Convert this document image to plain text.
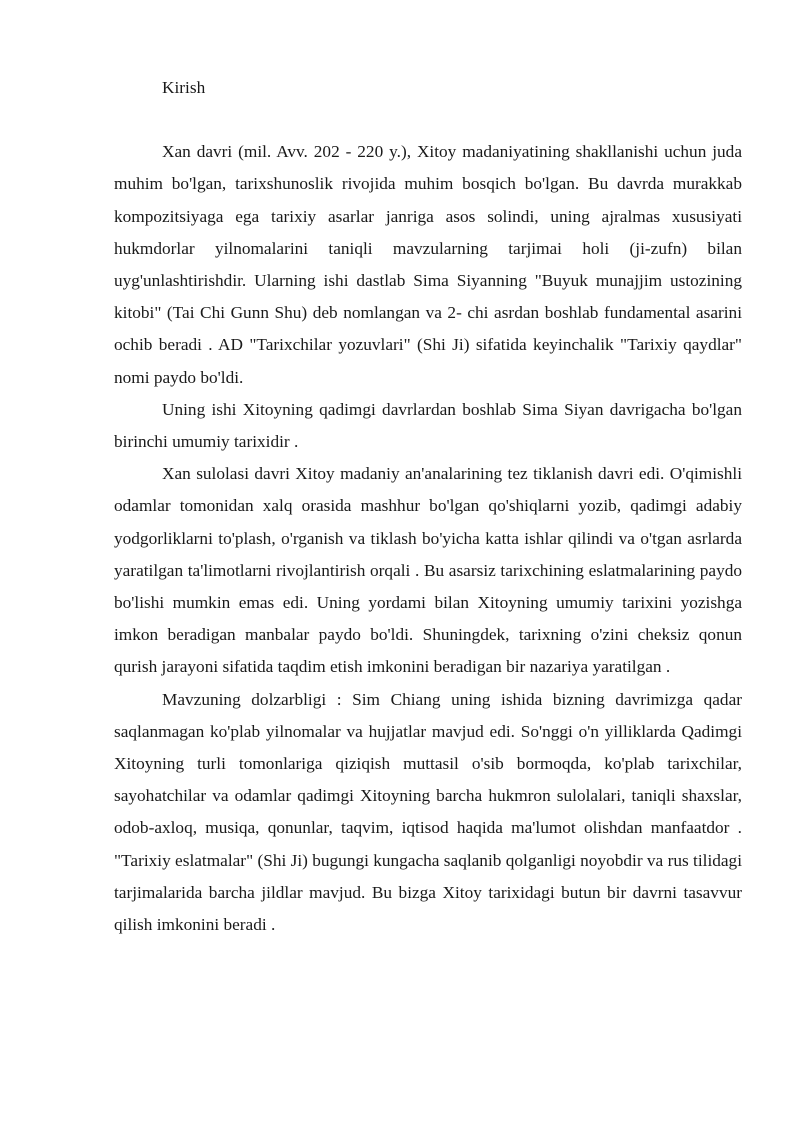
Kirish

Xan davri (mil. Avv. 202 - 220 y.), Xitoy madaniyatining shakllanishi uchun juda muhim bo'lgan, tarixshunoslik rivojida muhim bosqich bo'lgan. Bu davrda murakkab kompozitsiyaga ega tarixiy asarlar janriga asos solindi, uning ajralmas xususiyati hukmdorlar yilnomalarini taniqli mavzularning tarjimai holi (ji-zufn) bilan uyg'unlashtirishdir. Ularning ishi dastlab Sima Siyanning "Buyuk munajjim ustozining kitobi" (Tai Chi Gunn Shu) deb nomlangan va 2- chi asrdan boshlab fundamental asarini ochib beradi . AD "Tarixchilar yozuvlari" (Shi Ji) sifatida keyinchalik "Tarixiy qaydlar" nomi paydo bo'ldi.

Uning ishi Xitoyning qadimgi davrlardan boshlab Sima Siyan davrigacha bo'lgan birinchi umumiy tarixidir .

Xan sulolasi davri Xitoy madaniy an'analarining tez tiklanish davri edi. O'qimishli odamlar tomonidan xalq orasida mashhur bo'lgan qo'shiqlarni yozib, qadimgi adabiy yodgorliklarni to'plash, o'rganish va tiklash bo'yicha katta ishlar qilindi va o'tgan asrlarda yaratilgan ta'limotlarni rivojlantirish orqali . Bu asarsiz tarixchining eslatmalarining paydo bo'lishi mumkin emas edi. Uning yordami bilan Xitoyning umumiy tarixini yozishga imkon beradigan manbalar paydo bo'ldi. Shuningdek, tarixning o'zini cheksiz qonun qurish jarayoni sifatida taqdim etish imkonini beradigan bir nazariya yaratilgan .

Mavzuning dolzarbligi : Sim Chiang uning ishida bizning davrimizga qadar saqlanmagan ko'plab yilnomalar va hujjatlar mavjud edi. So'nggi o'n yilliklarda Qadimgi Xitoyning turli tomonlariga qiziqish muttasil o'sib bormoqda, ko'plab tarixchilar, sayohatchilar va odamlar qadimgi Xitoyning barcha hukmron sulolalari, taniqli shaxslar, odob-axloq, musiqa, qonunlar, taqvim, iqtisod haqida ma'lumot olishdan manfaatdor . "Tarixiy eslatmalar" (Shi Ji) bugungi kungacha saqlanib qolganligi noyobdir va rus tilidagi tarjimalarida barcha jildlar mavjud. Bu bizga Xitoy tarixidagi butun bir davrni tasavvur qilish imkonini beradi .
